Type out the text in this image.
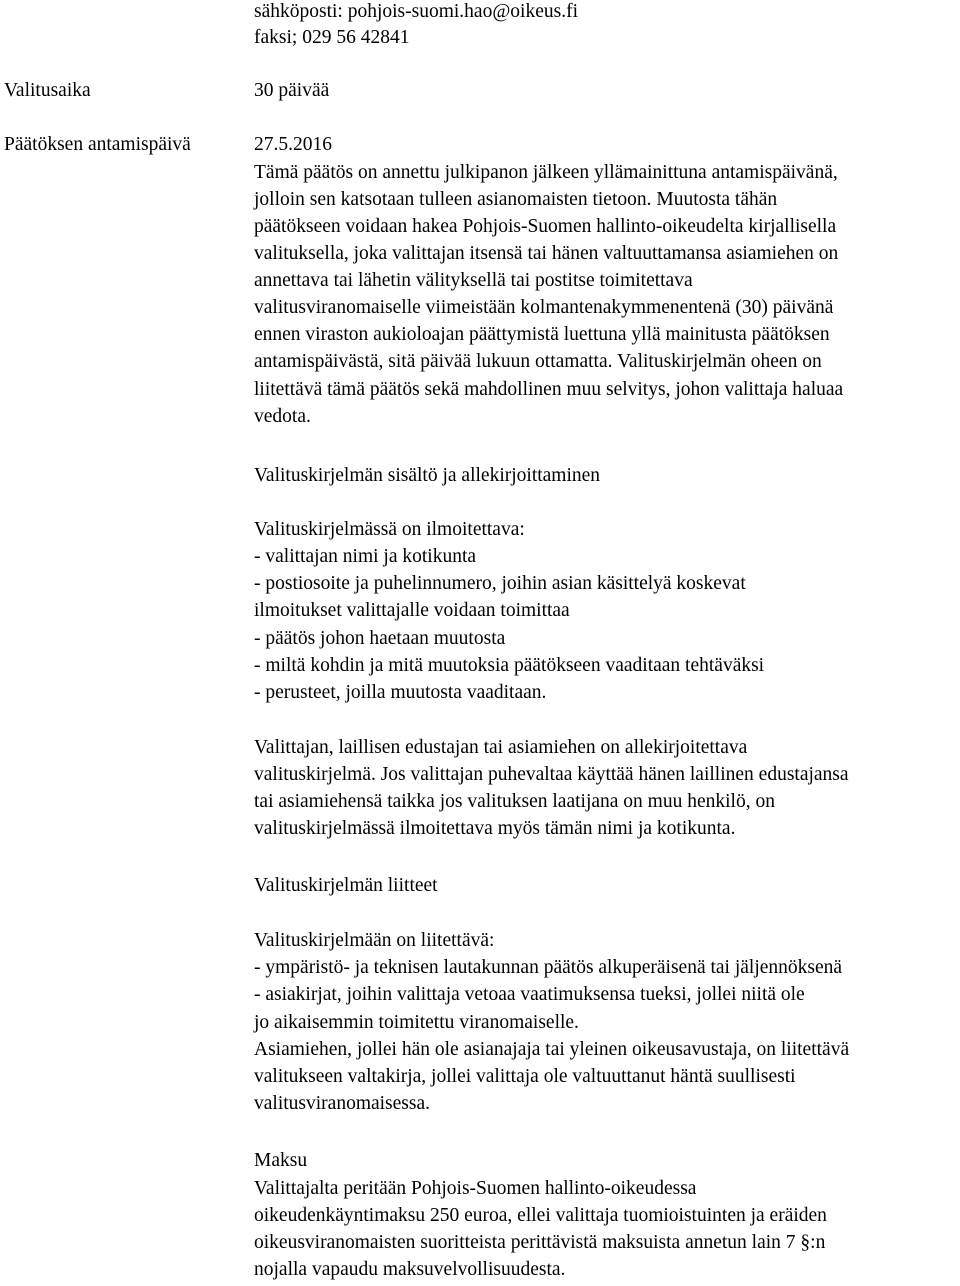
sähköposti: pohjois-suomi.hao@oikeus.fi
faksi; 029 56 42841
Valitusaika	30 päivää
Päätöksen antamispäivä	27.5.2016
Tämä päätös on annettu julkipanon jälkeen yllämainittuna antamispäivänä,
jolloin sen katsotaan tulleen asianomaisten tietoon. Muutosta tähän
päätökseen voidaan hakea Pohjois-Suomen hallinto-oikeudelta kirjallisella
valituksella, joka valittajan itsensä tai hänen valtuuttamansa asiamiehen on
annettava tai lähetin välityksellä tai postitse toimitettava
valitusviranomaiselle viimeistään kolmantenakymmenentenä (30) päivänä
ennen viraston aukioloajan päättymistä luettuna yllä mainitusta päätöksen
antamispäivästä, sitä päivää lukuun ottamatta. Valituskirjelmän oheen on
liitettävä tämä päätös sekä mahdollinen muu selvitys, johon valittaja haluaa
vedota.
Valituskirjelmän sisältö ja allekirjoittaminen
Valituskirjelmässä on ilmoitettava:
- valittajan nimi ja kotikunta
- postiosoite ja puhelinnumero, joihin asian käsittelyä koskevat
ilmoitukset valittajalle voidaan toimittaa
- päätös johon haetaan muutosta
- miltä kohdin ja mitä muutoksia päätökseen vaaditaan tehtäväksi
- perusteet, joilla muutosta vaaditaan.
Valittajan, laillisen edustajan tai asiamiehen on allekirjoitettava
valituskirjelmä. Jos valittajan puhevaltaa käyttää hänen laillinen edustajansa
tai asiamiehensä taikka jos valituksen laatijana on muu henkilö, on
valituskirjelmässä ilmoitettava myös tämän nimi ja kotikunta.
Valituskirjelmän liitteet
Valituskirjelmään on liitettävä:
- ympäristö- ja teknisen lautakunnan päätös alkuperäisenä tai jäljennöksenä
- asiakirjat, joihin valittaja vetoaa vaatimuksensa tueksi, jollei niitä ole
jo aikaisemmin toimitettu viranomaiselle.
Asiamiehen, jollei hän ole asianajaja tai yleinen oikeusavustaja, on liitettävä
valitukseen valtakirja, jollei valittaja ole valtuuttanut häntä suullisesti
valitusviranomaisessa.
Maksu
Valittajalta peritään Pohjois-Suomen hallinto-oikeudessa
oikeudenkäyntimaksu 250 euroa, ellei valittaja tuomioistuinten ja eräiden
oikeusviranomaisten suoritteista perittävistä maksuista annetun lain 7 §:n
nojalla vapaudu maksuvelvollisuudesta.
